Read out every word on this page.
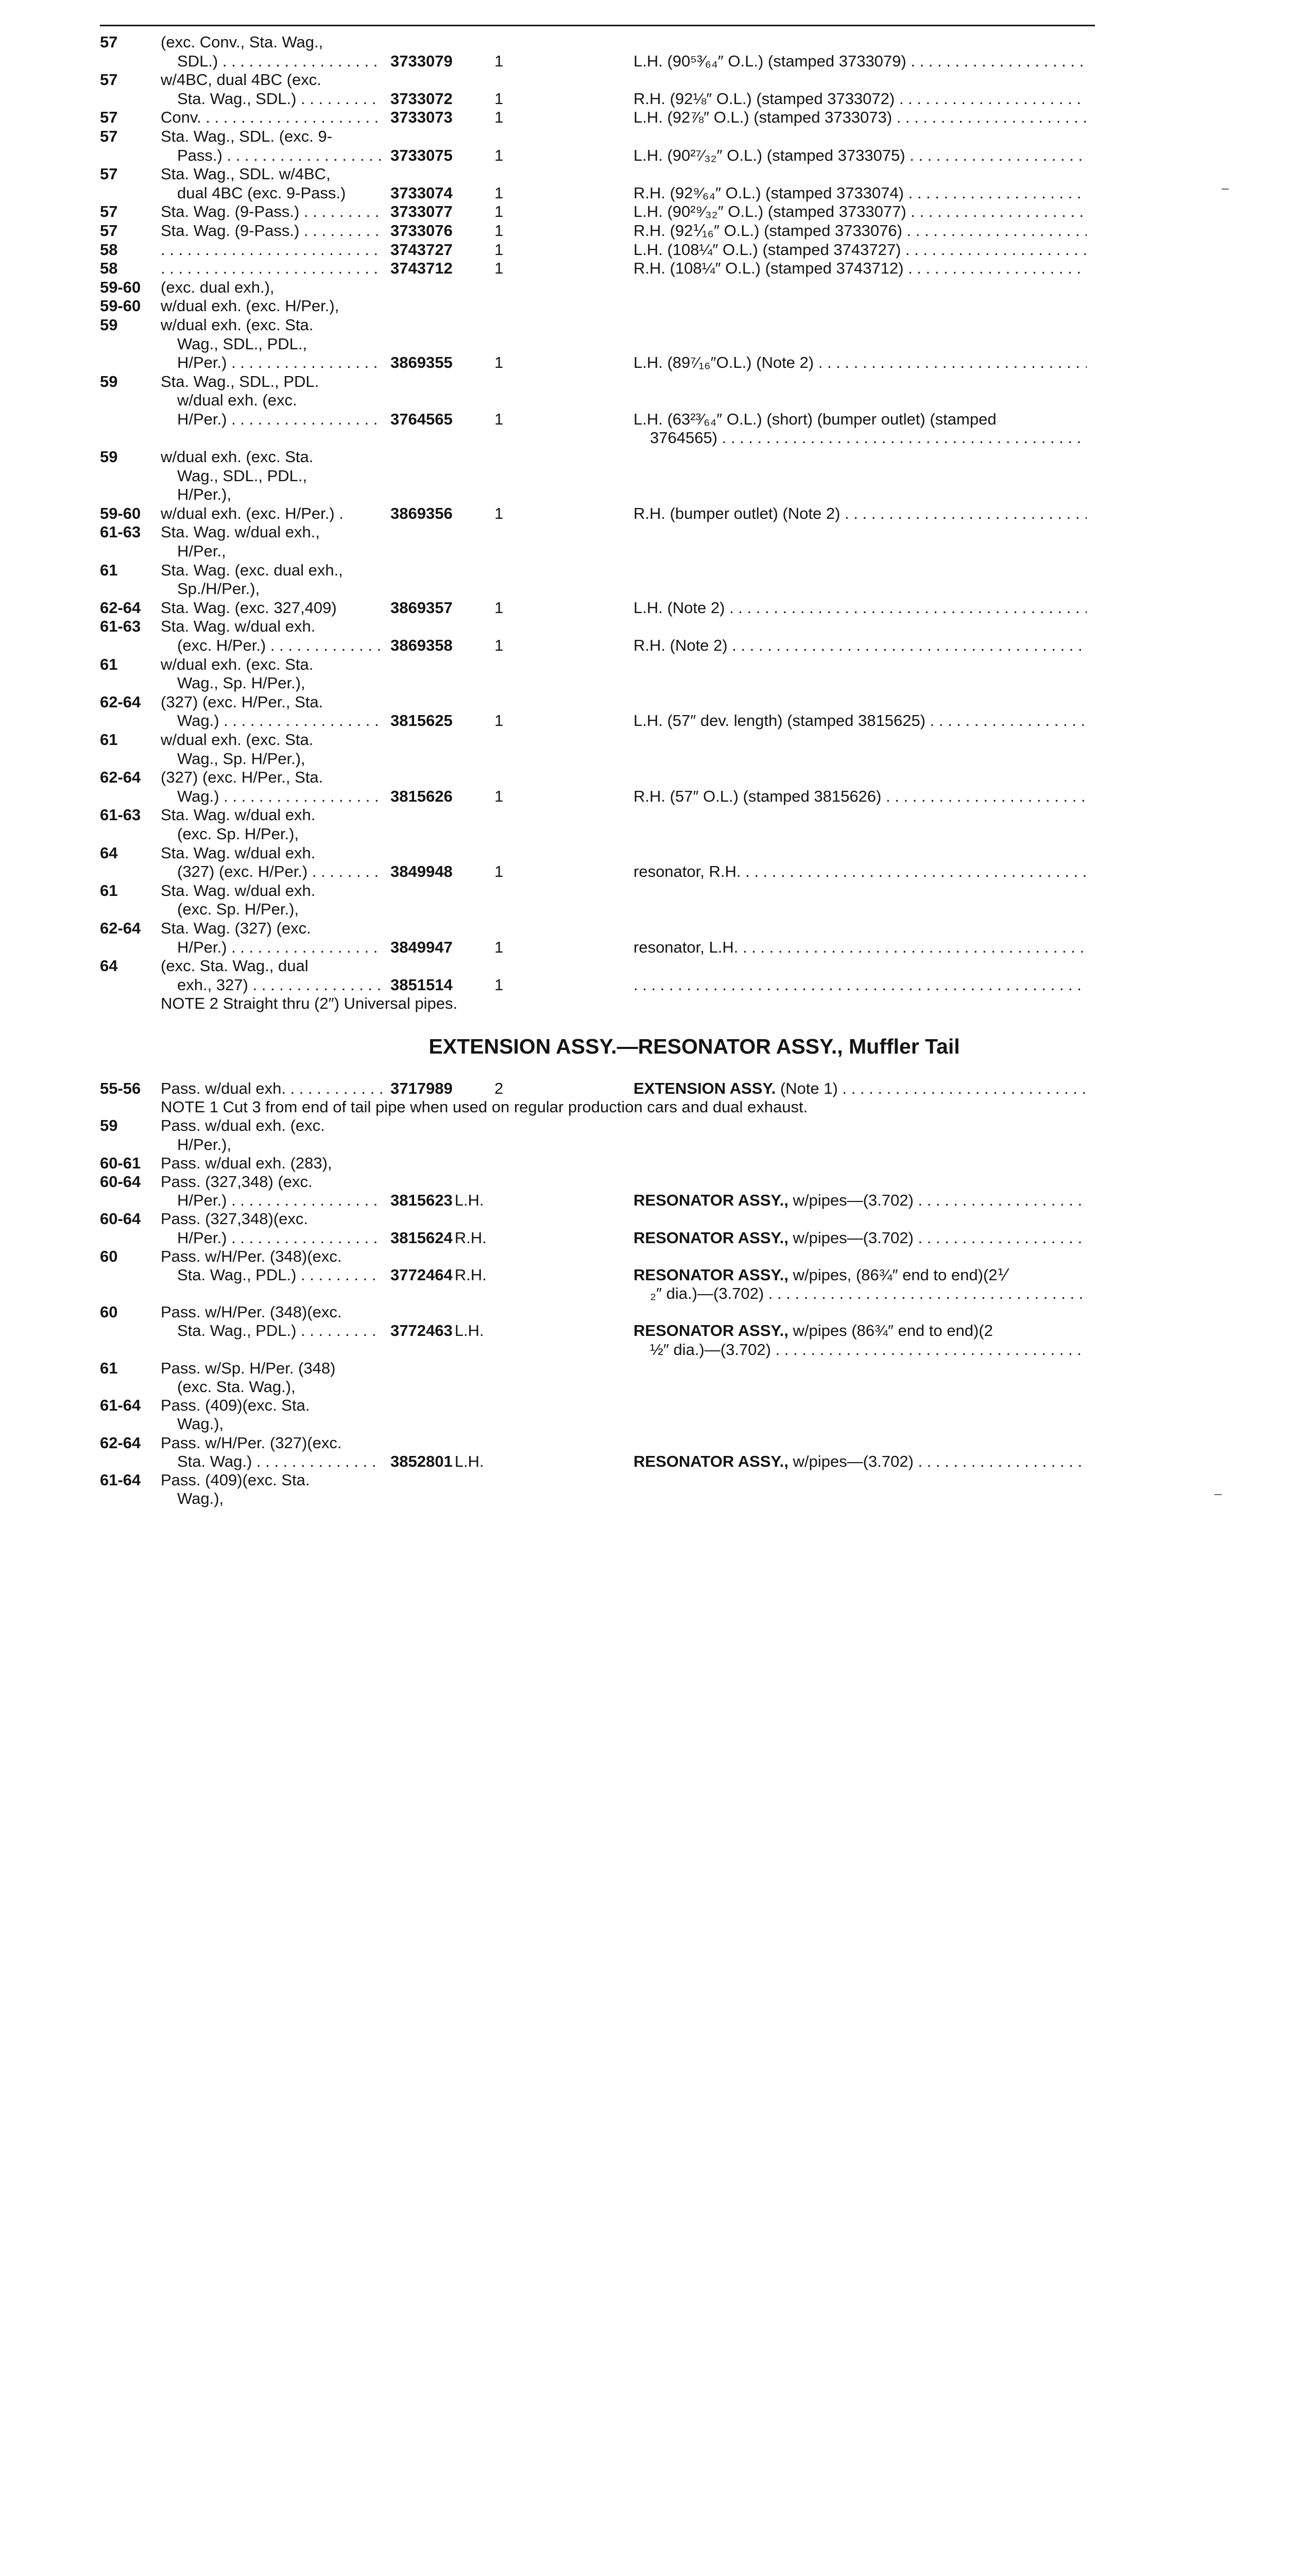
57	(exc. Conv., Sta. Wag.,
SDL.) . . .	3733079	1	L.H. (90⁵³⁄₆₄″ O.L.) (stamped 3733079) . . .
57	w/4BC, dual 4BC (exc.
Sta. Wag., SDL.) . . .	3733072	1	R.H. (92⅛″ O.L.) (stamped 3733072) . . .
57	Conv. . . .	3733073	1	L.H. (92⅞″ O.L.) (stamped 3733073) . . .
57	Sta. Wag., SDL. (exc. 9-
Pass.) . . .	3733075	1	L.H. (90²⁷⁄₃₂″ O.L.) (stamped 3733075) . . .
57	Sta. Wag., SDL. w/4BC,
dual 4BC (exc. 9-Pass.)	3733074	1	R.H. (92⁹⁄₆₄″ O.L.) (stamped 3733074) . . .
57	Sta. Wag. (9-Pass.) . . .	3733077	1	L.H. (90²⁹⁄₃₂″ O.L.) (stamped 3733077) . . .
57	Sta. Wag. (9-Pass.) . . .	3733076	1	R.H. (92⅟₁₆″ O.L.) (stamped 3733076) . . .
58 . . .	3743727	1	L.H. (108¼″ O.L.) (stamped 3743727) . . .
58 . . .	3743712	1	R.H. (108¼″ O.L.) (stamped 3743712) . . .
59-60 (exc. dual exh.),
59-60 w/dual exh. (exc. H/Per.),
59	w/dual exh. (exc. Sta.
Wag., SDL., PDL.,
H/Per.) . . .	3869355	1	L.H. (89⁷⁄₁₆″O.L.) (Note 2) . . .
59	Sta. Wag., SDL., PDL.
w/dual exh. (exc.
H/Per.) . . .	3764565	1	L.H. (63²³⁄₆₄″ O.L.) (short) (bumper outlet) (stamped
3764565) . . .
59	w/dual exh. (exc. Sta.
Wag., SDL., PDL.,
H/Per.),
59-60 w/dual exh. (exc. H/Per.) .	3869356	1	R.H. (bumper outlet) (Note 2) . . .
61-63 Sta. Wag. w/dual exh.,
H/Per.,
61	Sta. Wag. (exc. dual exh.,
Sp./H/Per.),
62-64 Sta. Wag. (exc. 327,409)	3869357	1	L.H. (Note 2) . . .
61-63 Sta. Wag. w/dual exh.
(exc. H/Per.) . . .	3869358	1	R.H. (Note 2) . . .
61	w/dual exh. (exc. Sta.
Wag., Sp. H/Per.),
62-64 (327) (exc. H/Per., Sta.
Wag.) . . .	3815625	1	L.H. (57″ dev. length) (stamped 3815625) . . .
61	w/dual exh. (exc. Sta.
Wag., Sp. H/Per.),
62-64 (327) (exc. H/Per., Sta.
Wag.) . . .	3815626	1	R.H. (57″ O.L.) (stamped 3815626) . . .
61-63 Sta. Wag. w/dual exh.
(exc. Sp. H/Per.),
64	Sta. Wag. w/dual exh.
(327) (exc. H/Per.) . . .	3849948	1	resonator, R.H. . . .
61	Sta. Wag. w/dual exh.
(exc. Sp. H/Per.),
62-64 Sta. Wag. (327) (exc.
H/Per.) . . .	3849947	1	resonator, L.H. . . .
64	(exc. Sta. Wag., dual
exh., 327) . . .	3851514	1
. . .
NOTE 2 Straight thru (2″) Universal pipes.
EXTENSION ASSY.—RESONATOR ASSY., Muffler Tail
55-56 Pass. w/dual exh. . . .	3717989	2	EXTENSION ASSY. (Note 1) . . .
NOTE 1 Cut 3 from end of tail pipe when used on regular production cars and dual exhaust.
59	Pass. w/dual exh. (exc.
H/Per.),
60-61 Pass. w/dual exh. (283),
60-64 Pass. (327,348) (exc.
H/Per.) . . .	3815623 L.H.	RESONATOR ASSY., w/pipes—(3.702) . . .
60-64 Pass. (327,348)(exc.
H/Per.) . . .	3815624 R.H.	RESONATOR ASSY., w/pipes—(3.702) . . .
60	Pass. w/H/Per. (348)(exc.
Sta. Wag., PDL.) . . .	3772464 R.H.	RESONATOR ASSY., w/pipes, (86¾″ end to end)(2⅟
₂″ dia.)—(3.702) . . .
60	Pass. w/H/Per. (348)(exc.
Sta. Wag., PDL.) . . .	3772463 L.H.	RESONATOR ASSY., w/pipes (86¾″ end to end)(2
½″ dia.)—(3.702) . . .
61	Pass. w/Sp. H/Per. (348)
(exc. Sta. Wag.),
61-64 Pass. (409)(exc. Sta.
Wag.),
62-64 Pass. w/H/Per. (327)(exc.
Sta. Wag.) . . .	3852801 L.H.	RESONATOR ASSY., w/pipes—(3.702) . . .
61-64 Pass. (409)(exc. Sta.
Wag.),
